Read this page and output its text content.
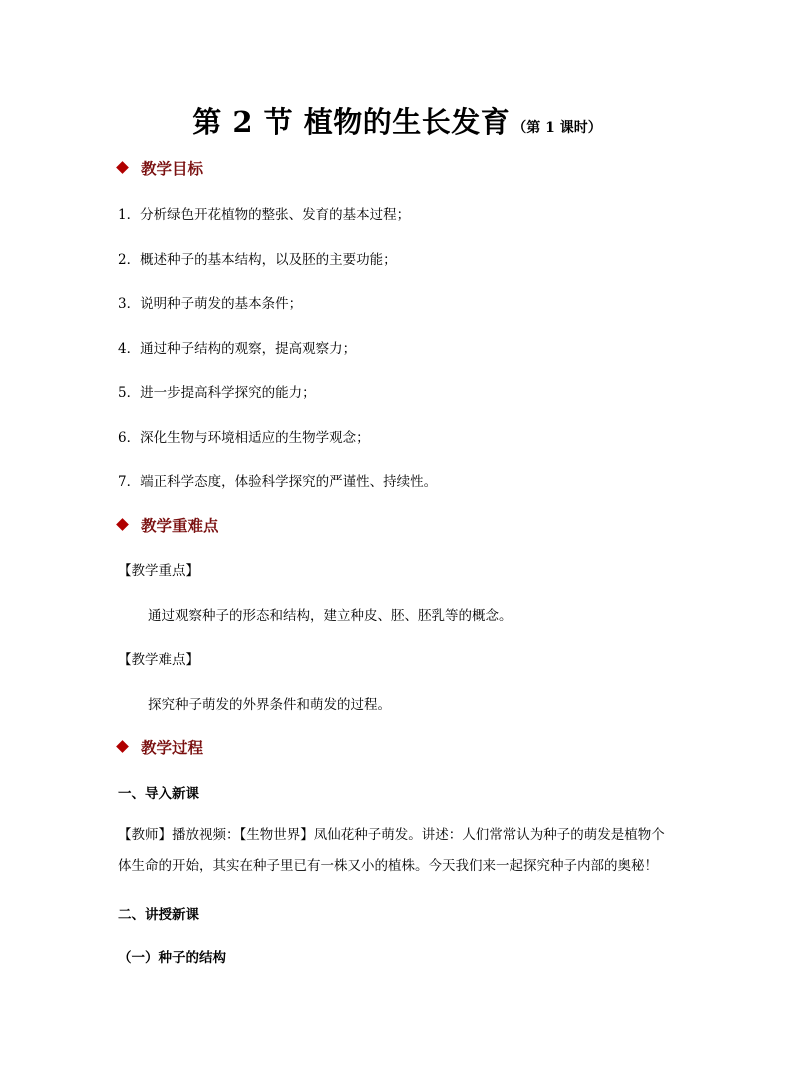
第 2 节 植物的生长发育 （第 1 课时）
教学目标
1．分析绿色开花植物的整张、发育的基本过程；
2．概述种子的基本结构，以及胚的主要功能；
3．说明种子萌发的基本条件；
4．通过种子结构的观察，提高观察力；
5．进一步提高科学探究的能力；
6．深化生物与环境相适应的生物学观念；
7．端正科学态度，体验科学探究的严谨性、持续性。
教学重难点
【教学重点】
通过观察种子的形态和结构，建立种皮、胚、胚乳等的概念。
【教学难点】
探究种子萌发的外界条件和萌发的过程。
教学过程
一、导入新课
【教师】播放视频：【生物世界】凤仙花种子萌发。讲述：人们常常认为种子的萌发是植物个体生命的开始，其实在种子里已有一株又小的植株。今天我们来一起探究种子内部的奥秘！
二、讲授新课
（一）种子的结构
